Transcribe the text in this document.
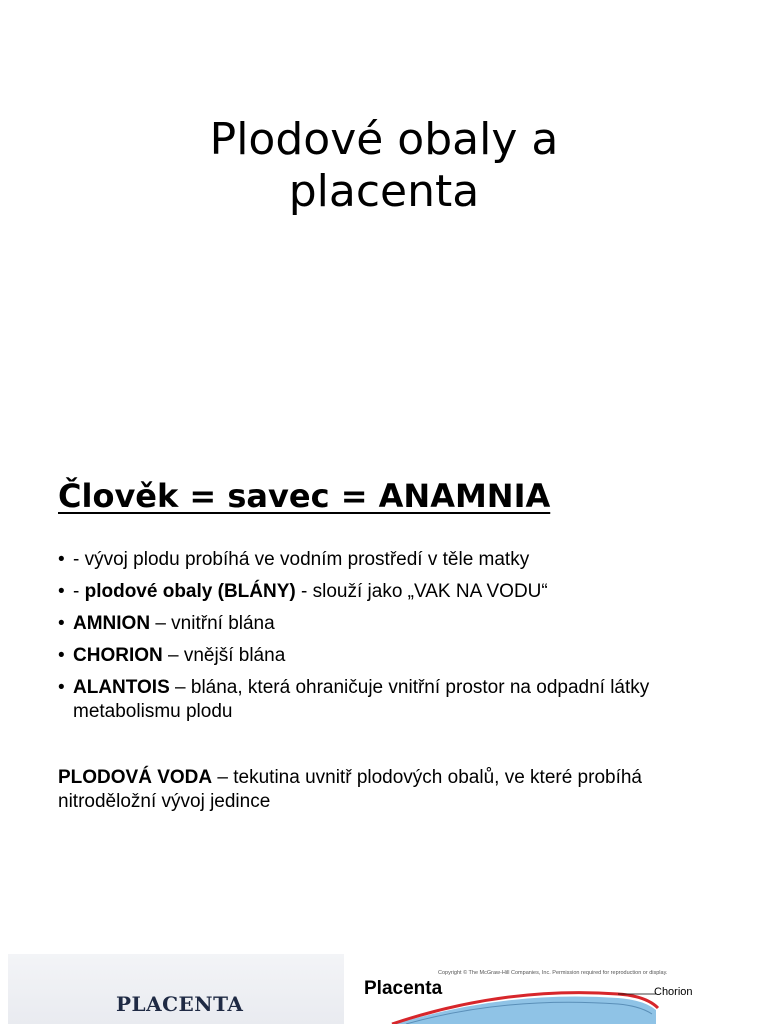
Plodové obaly a
placenta
Člověk = savec = ANAMNIA
• - vývoj plodu probíhá ve vodním prostředí v těle matky
• - plodové obaly (BLÁNY) - slouží jako „VAK NA VODU“
• AMNION – vnitřní blána
• CHORION – vnější blána
• ALANTOIS – blána, která ohraničuje vnitřní prostor na odpadní látky metabolismu plodu

PLODOVÁ VODA – tekutina uvnitř plodových obalů, ve které probíhá nitroděložní vývoj jedince

PLACENTA
Copyright © The McGraw-Hill Companies, Inc. Permission required for reproduction or display.
Placenta	Chorion
